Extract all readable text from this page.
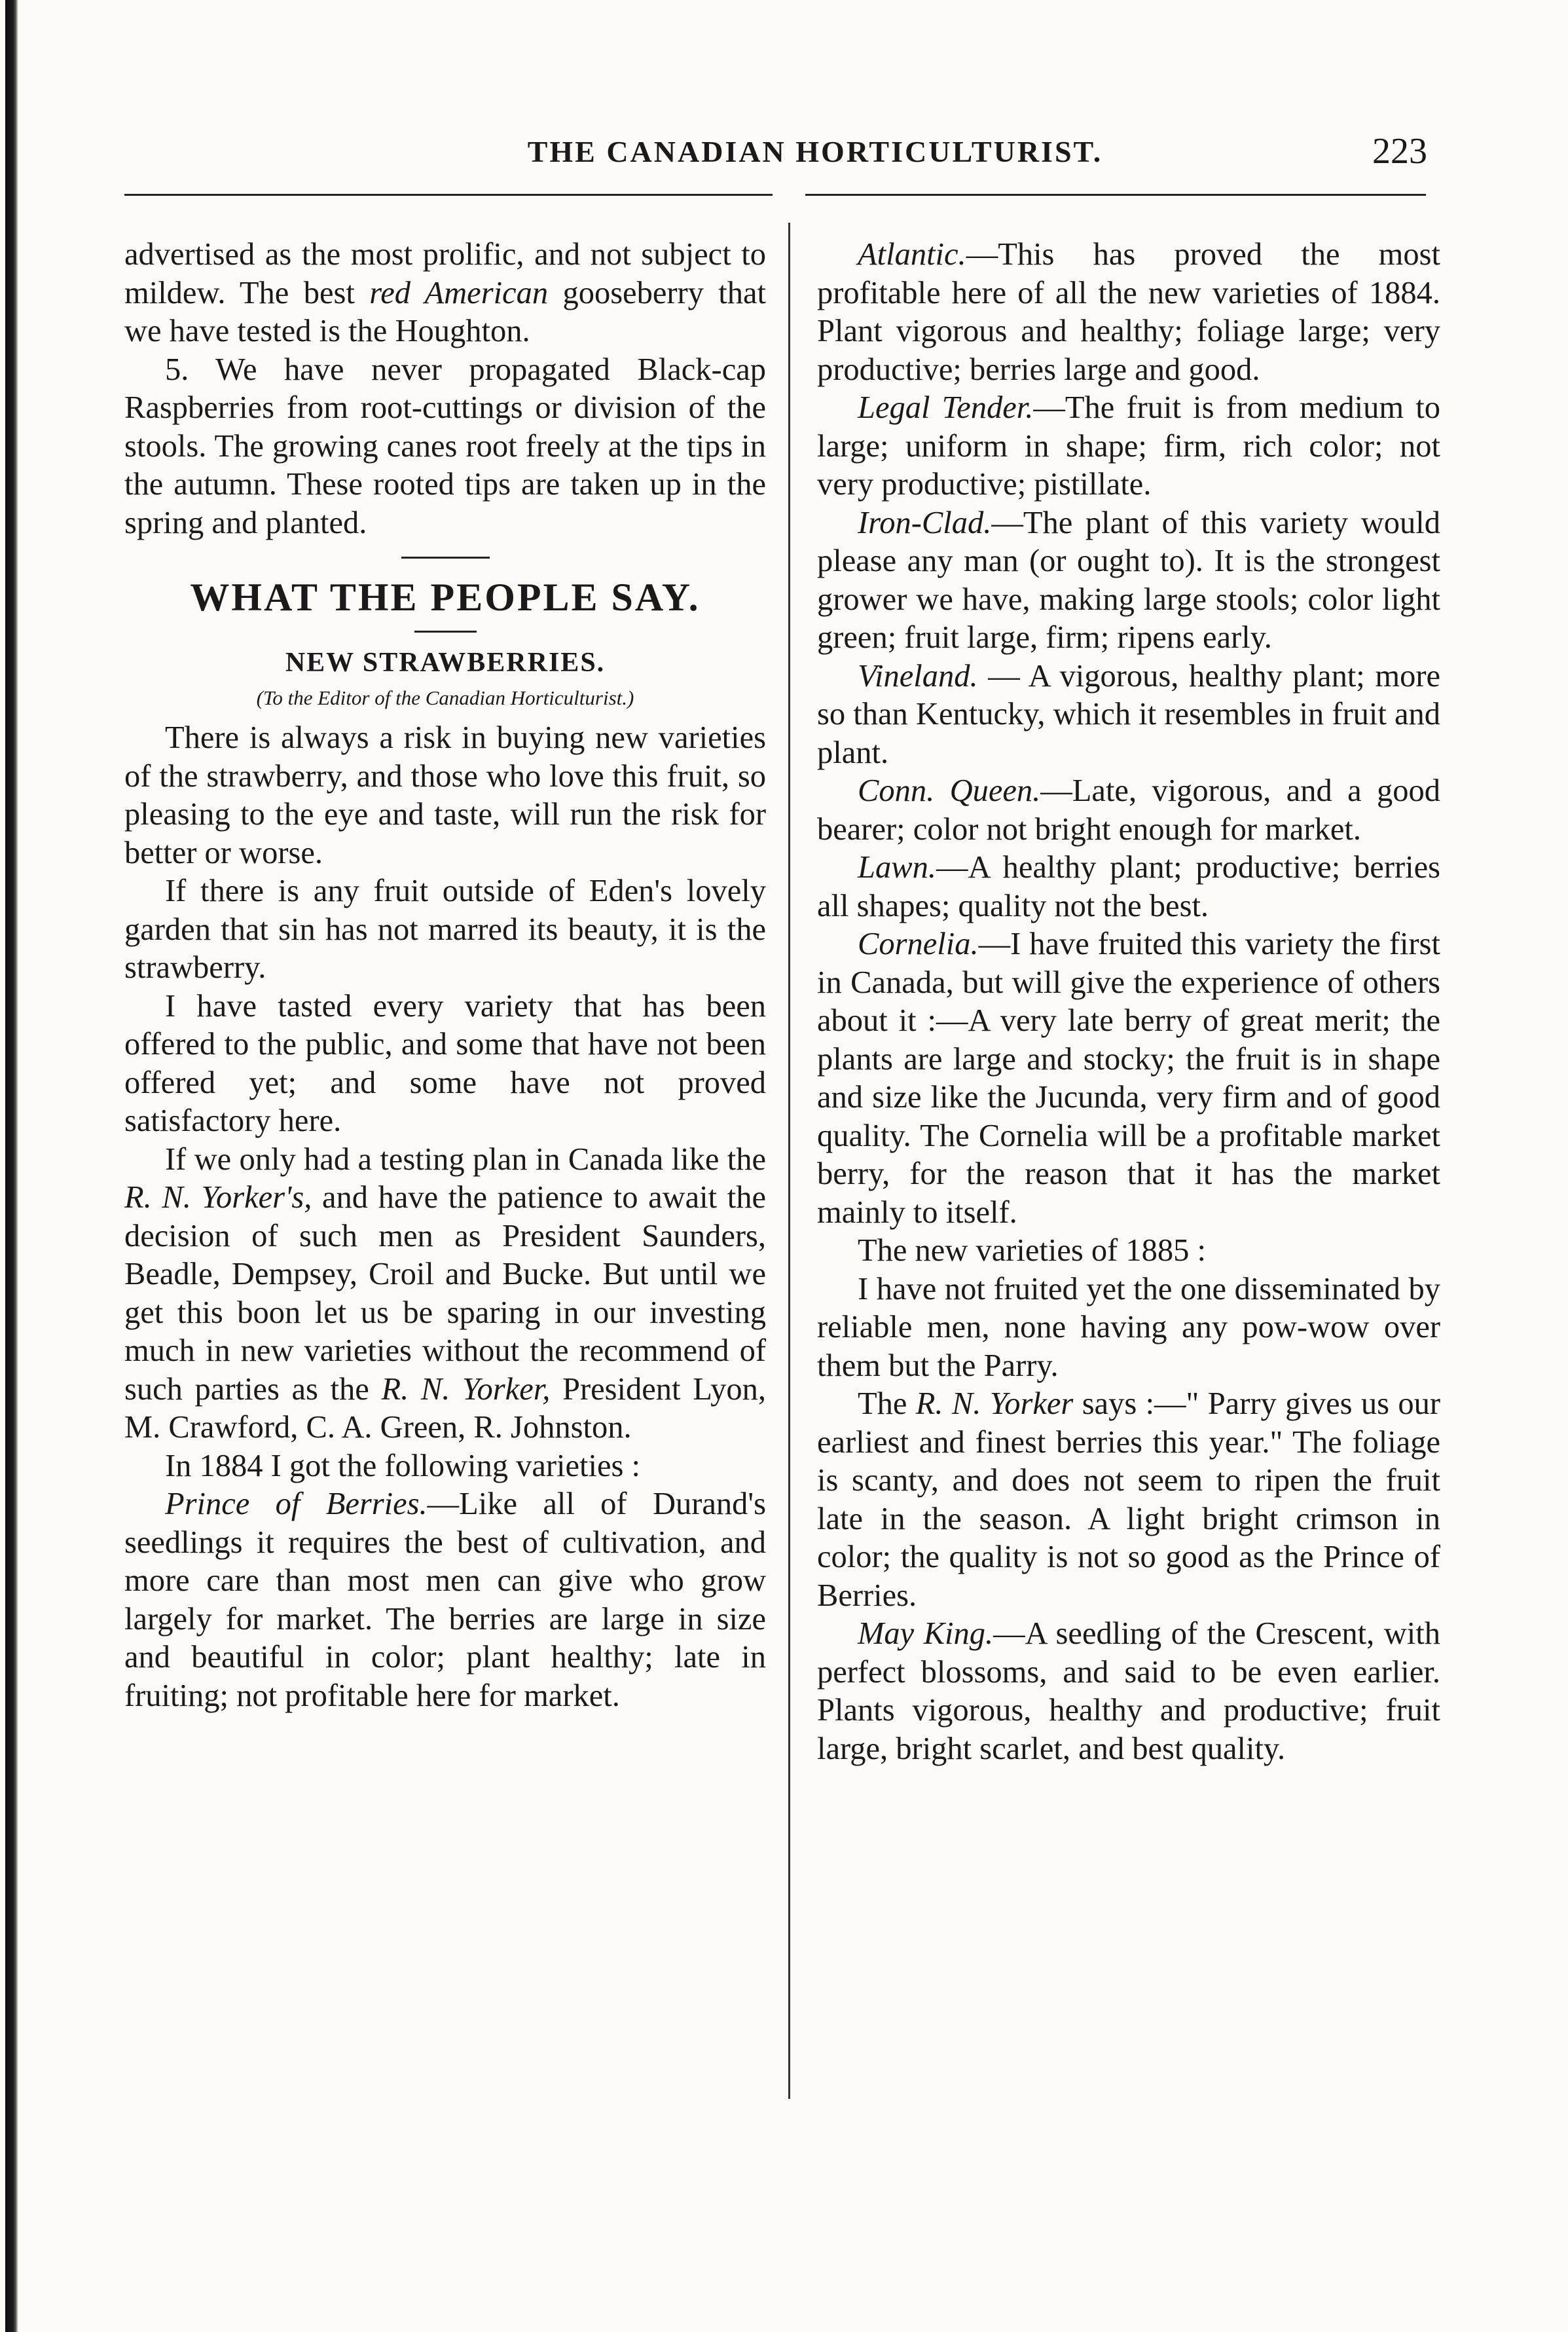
THE CANADIAN HORTICULTURIST.	223

advertised as the most prolific, and not subject to mildew. The best red American gooseberry that we have tested is the Houghton.

5. We have never propagated Black-cap Raspberries from root-cuttings or division of the stools. The growing canes root freely at the tips in the autumn. These rooted tips are taken up in the spring and planted.

WHAT THE PEOPLE SAY.
NEW STRAWBERRIES.
(To the Editor of the Canadian Horticulturist.)

There is always a risk in buying new varieties of the strawberry, and those who love this fruit, so pleasing to the eye and taste, will run the risk for better or worse.

If there is any fruit outside of Eden's lovely garden that sin has not marred its beauty, it is the strawberry.

I have tasted every variety that has been offered to the public, and some that have not been offered yet; and some have not proved satisfactory here.

If we only had a testing plan in Canada like the R. N. Yorker's, and have the patience to await the decision of such men as President Saunders, Beadle, Dempsey, Croil and Bucke. But until we get this boon let us be sparing in our investing much in new varieties without the recommend of such parties as the R. N. Yorker, President Lyon, M. Crawford, C. A. Green, R. Johnston.

In 1884 I got the following varieties :

Prince of Berries.—Like all of Durand's seedlings it requires the best of cultivation, and more care than most men can give who grow largely for market. The berries are large in size and beautiful in color; plant healthy; late in fruiting; not profitable here for market.

Atlantic.—This has proved the most profitable here of all the new varieties of 1884. Plant vigorous and healthy; foliage large; very productive; berries large and good.

Legal Tender.—The fruit is from medium to large; uniform in shape; firm, rich color; not very productive; pistillate.

Iron-Clad.—The plant of this variety would please any man (or ought to). It is the strongest grower we have, making large stools; color light green; fruit large, firm; ripens early.

Vineland. — A vigorous, healthy plant; more so than Kentucky, which it resembles in fruit and plant.

Conn. Queen.—Late, vigorous, and a good bearer; color not bright enough for market.

Lawn.—A healthy plant; productive; berries all shapes; quality not the best.

Cornelia.—I have fruited this variety the first in Canada, but will give the experience of others about it :—A very late berry of great merit; the plants are large and stocky; the fruit is in shape and size like the Jucunda, very firm and of good quality. The Cornelia will be a profitable market berry, for the reason that it has the market mainly to itself.

The new varieties of 1885 :

I have not fruited yet the one disseminated by reliable men, none having any pow-wow over them but the Parry.

The R. N. Yorker says :—" Parry gives us our earliest and finest berries this year." The foliage is scanty, and does not seem to ripen the fruit late in the season. A light bright crimson in color; the quality is not so good as the Prince of Berries.

May King.—A seedling of the Crescent, with perfect blossoms, and said to be even earlier. Plants vigorous, healthy and productive; fruit large, bright scarlet, and best quality.
